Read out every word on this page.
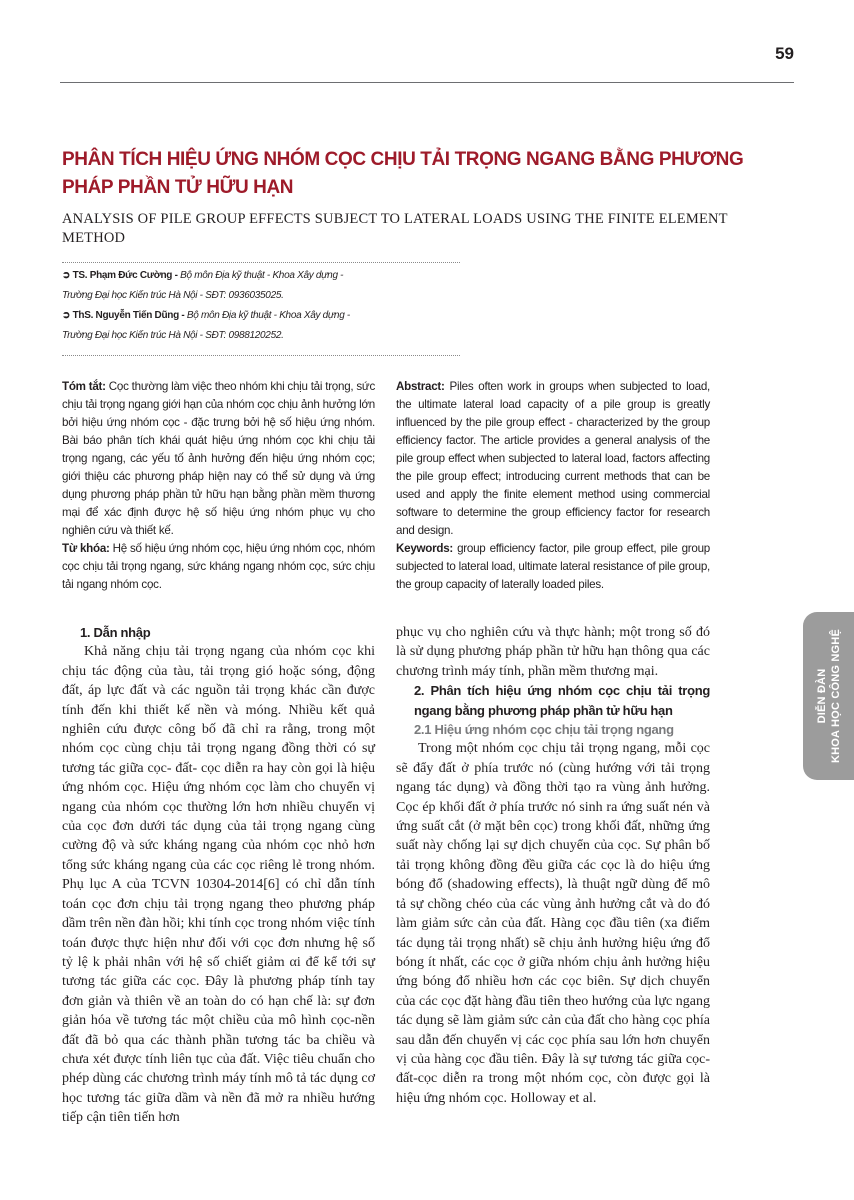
59
PHÂN TÍCH HIỆU ỨNG NHÓM CỌC CHỊU TẢI TRỌNG NGANG BẰNG PHƯƠNG PHÁP PHẦN TỬ HỮU HẠN
ANALYSIS OF PILE GROUP EFFECTS SUBJECT TO LATERAL LOADS USING THE FINITE ELEMENT METHOD
➲ TS. Phạm Đức Cường - Bộ môn Địa kỹ thuật - Khoa Xây dựng -
Trường Đại học Kiến trúc Hà Nội - SĐT: 0936035025.
➲ ThS. Nguyễn Tiến Dũng - Bộ môn Địa kỹ thuật - Khoa Xây dựng -
Trường Đại học Kiến trúc Hà Nội - SĐT: 0988120252.
Tóm tắt: Cọc thường làm việc theo nhóm khi chịu tải trọng, sức chịu tải trọng ngang giới hạn của nhóm cọc chịu ảnh hưởng lớn bởi hiệu ứng nhóm cọc - đặc trưng bởi hệ số hiệu ứng nhóm. Bài báo phân tích khái quát hiệu ứng nhóm cọc khi chịu tải trọng ngang, các yếu tố ảnh hưởng đến hiệu ứng nhóm cọc; giới thiệu các phương pháp hiện nay có thể sử dụng và ứng dụng phương pháp phần tử hữu hạn bằng phần mềm thương mại để xác định được hệ số hiệu ứng nhóm phục vụ cho nghiên cứu và thiết kế.
Từ khóa: Hệ số hiệu ứng nhóm cọc, hiệu ứng nhóm cọc, nhóm cọc chịu tải trọng ngang, sức kháng ngang nhóm cọc, sức chịu tải ngang nhóm cọc.
Abstract: Piles often work in groups when subjected to load, the ultimate lateral load capacity of a pile group is greatly influenced by the pile group effect - characterized by the group efficiency factor. The article provides a general analysis of the pile group effect when subjected to lateral load, factors affecting the pile group effect; introducing current methods that can be used and apply the finite element method using commercial software to determine the group efficiency factor for research and design.
Keywords: group efficiency factor, pile group effect, pile group subjected to lateral load, ultimate lateral resistance of pile group, the group capacity of laterally loaded piles.
1. Dẫn nhập

Khả năng chịu tải trọng ngang của nhóm cọc khi chịu tác động của tàu, tải trọng gió hoặc sóng, động đất, áp lực đất và các nguồn tải trọng khác cần được tính đến khi thiết kế nền và móng. Nhiều kết quả nghiên cứu được công bố đã chỉ ra rằng, trong một nhóm cọc cùng chịu tải trọng ngang đồng thời có sự tương tác giữa cọc- đất- cọc diễn ra hay còn gọi là hiệu ứng nhóm cọc. Hiệu ứng nhóm cọc làm cho chuyển vị ngang của nhóm cọc thường lớn hơn nhiều chuyển vị của cọc đơn dưới tác dụng của tải trọng ngang cùng cường độ và sức kháng ngang của nhóm cọc nhỏ hơn tổng sức kháng ngang của các cọc riêng lẻ trong nhóm. Phụ lục A của TCVN 10304-2014[6] có chỉ dẫn tính toán cọc đơn chịu tải trọng ngang theo phương pháp dầm trên nền đàn hồi; khi tính cọc trong nhóm việc tính toán được thực hiện như đối với cọc đơn nhưng hệ số tỷ lệ k phải nhân với hệ số chiết giảm αi để kể tới sự tương tác giữa các cọc. Đây là phương pháp tính tay đơn giản và thiên về an toàn do có hạn chế là: sự đơn giản hóa về tương tác một chiều của mô hình cọc-nền đất đã bỏ qua các thành phần tương tác ba chiều và chưa xét được tính liên tục của đất. Việc tiêu chuẩn cho phép dùng các chương trình máy tính mô tả tác dụng cơ học tương tác giữa dầm và nền đã mở ra nhiều hướng tiếp cận tiên tiến hơn

phục vụ cho nghiên cứu và thực hành; một trong số đó là sử dụng phương pháp phần tử hữu hạn thông qua các chương trình máy tính, phần mềm thương mại.

2. Phân tích hiệu ứng nhóm cọc chịu tải trọng ngang bằng phương pháp phần tử hữu hạn
2.1 Hiệu ứng nhóm cọc chịu tải trọng ngang

Trong một nhóm cọc chịu tải trọng ngang, mỗi cọc sẽ đẩy đất ở phía trước nó (cùng hướng với tải trọng ngang tác dụng) và đồng thời tạo ra vùng ảnh hưởng. Cọc ép khối đất ở phía trước nó sinh ra ứng suất nén và ứng suất cắt (ở mặt bên cọc) trong khối đất, những ứng suất này chống lại sự dịch chuyển của cọc. Sự phân bố tải trọng không đồng đều giữa các cọc là do hiệu ứng bóng đổ (shadowing effects), là thuật ngữ dùng để mô tả sự chồng chéo của các vùng ảnh hưởng cắt và do đó làm giảm sức cản của đất. Hàng cọc đầu tiên (xa điểm tác dụng tải trọng nhất) sẽ chịu ảnh hưởng hiệu ứng đổ bóng ít nhất, các cọc ở giữa nhóm chịu ảnh hưởng hiệu ứng bóng đổ nhiều hơn các cọc biên. Sự dịch chuyển của các cọc đặt hàng đầu tiên theo hướng của lực ngang tác dụng sẽ làm giảm sức cản của đất cho hàng cọc phía sau dẫn đến chuyển vị các cọc phía sau lớn hơn chuyển vị của hàng cọc đầu tiên. Đây là sự tương tác giữa cọc-đất-cọc diễn ra trong một nhóm cọc, còn được gọi là hiệu ứng nhóm cọc. Holloway et al.

DIỄN ĐÀN KHOA HỌC CÔNG NGHỆ
